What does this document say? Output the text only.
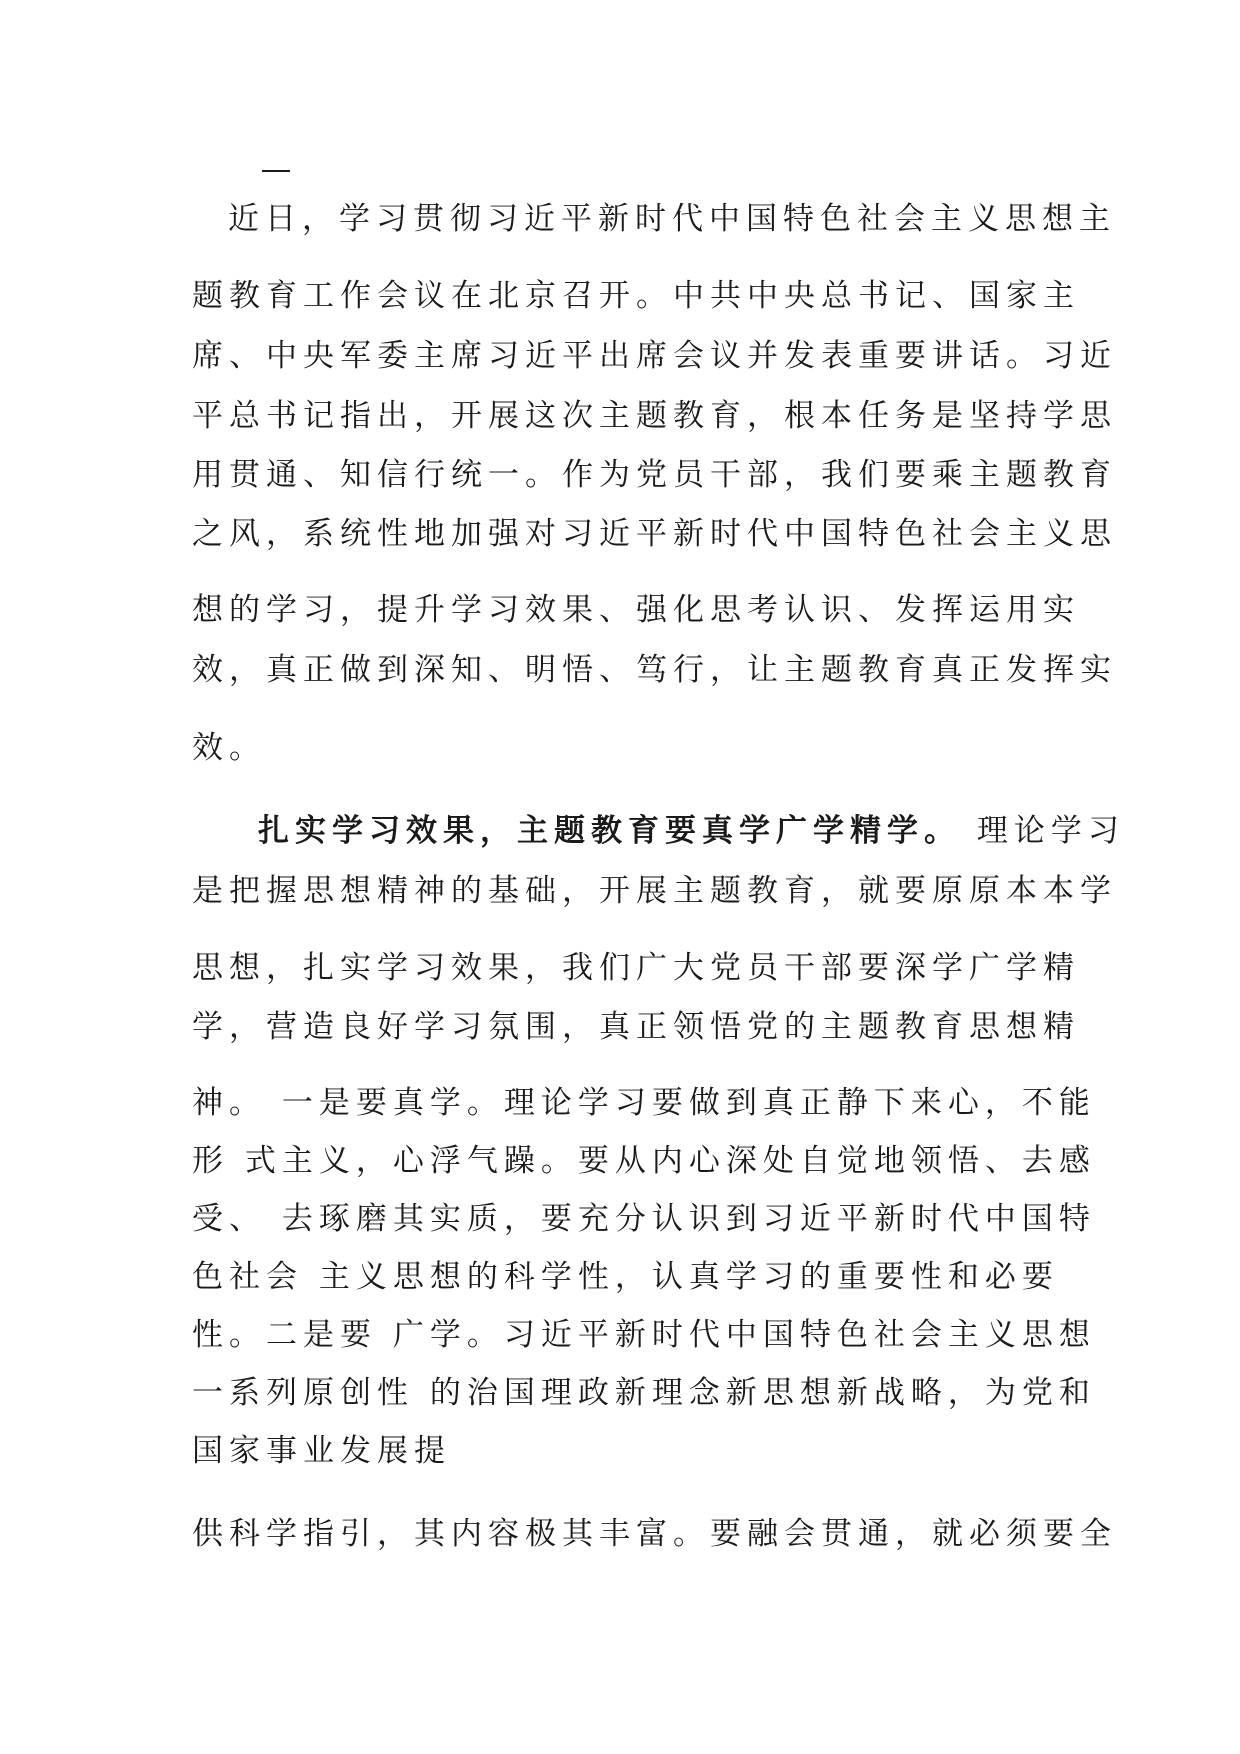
近日，学习贯彻习近平新时代中国特色社会主义思想主
题教育工作会议在北京召开。中共中央总书记、国家主
席、中央军委主席习近平出席会议并发表重要讲话。习近
平总书记指出，开展这次主题教育，根本任务是坚持学思
用贯通、知信行统一。作为党员干部，我们要乘主题教育
之风，系统性地加强对习近平新时代中国特色社会主义思
想的学习，提升学习效果、强化思考认识、发挥运用实
效，真正做到深知、明悟、笃行，让主题教育真正发挥实
效。
扎实学习效果，主题教育要真学广学精学。 理论学习
是把握思想精神的基础，开展主题教育，就要原原本本学
思想，扎实学习效果，我们广大党员干部要深学广学精
学，营造良好学习氛围，真正领悟党的主题教育思想精
神。 一是要真学。理论学习要做到真正静下来心，不能
形 式主义，心浮气躁。要从内心深处自觉地领悟、去感
受、 去琢磨其实质，要充分认识到习近平新时代中国特
色社会 主义思想的科学性，认真学习的重要性和必要
性。二是要 广学。习近平新时代中国特色社会主义思想
一系列原创性 的治国理政新理念新思想新战略，为党和
国家事业发展提
供科学指引，其内容极其丰富。要融会贯通，就必须要全
